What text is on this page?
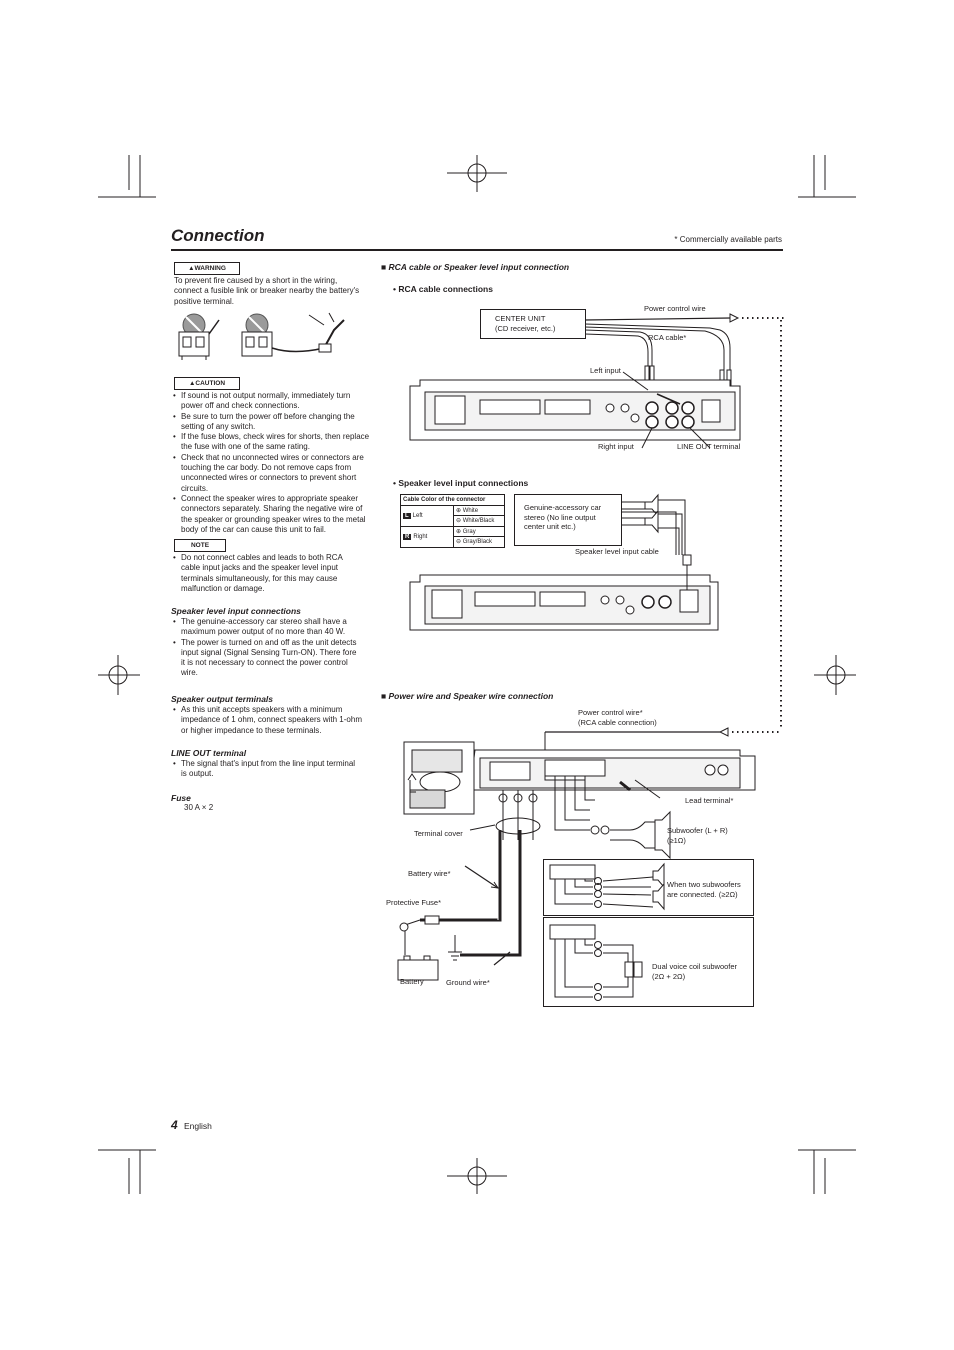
Connection	* Commercially available parts
▲WARNING
To prevent fire caused by a short in the wiring, connect a fusible link or breaker nearby the battery's positive terminal.
▲CAUTION
• If sound is not output normally, immediately turn power off and check connections.
• Be sure to turn the power off before changing the setting of any switch.
• If the fuse blows, check wires for shorts, then replace the fuse with one of the same rating.
• Check that no unconnected wires or connectors are touching the car body. Do not remove caps from unconnected wires or connectors to prevent short circuits.
• Connect the speaker wires to appropriate speaker connectors separately. Sharing the negative wire of the speaker or grounding speaker wires to the metal body of the car can cause this unit to fail.
NOTE
• Do not connect cables and leads to both RCA cable input jacks and the speaker level input terminals simultaneously, for this may cause malfunction or damage.
Speaker level input connections
• The genuine-accessory car stereo shall have a maximum power output of no more than 40 W.
• The power is turned on and off as the unit detects input signal (Signal Sensing Turn-ON). There fore it is not necessary to connect the power control wire.
Speaker output terminals
• As this unit accepts speakers with a minimum impedance of 1 ohm, connect speakers with 1-ohm or higher impedance to these terminals.
LINE OUT terminal
• The signal that's input from the line input terminal is output.
Fuse
30 A × 2
■ RCA cable or Speaker level input connection
• RCA cable connections
CENTER UNIT
(CD receiver, etc.)
Power control wire
RCA cable*
Left input
Right input	LINE OUT terminal
• Speaker level input connections
Cable Color of the connector	
L Left	⊕ White
	⊖ White/Black
R Right	⊕ Gray
	⊖ Gray/Black
Genuine-accessory car stereo (No line output center unit etc.)
Speaker level input cable
■ Power wire and Speaker wire connection
When two subwoofers
are connected. (≥2Ω)
Dual voice coil subwoofer
(2Ω + 2Ω)
Power control wire*
(RCA cable connection)
Lead terminal*
Terminal cover	Subwoofer (L + R)
(≥1Ω)
Battery wire*
Protective Fuse*
Battery	Ground wire*
4 English
